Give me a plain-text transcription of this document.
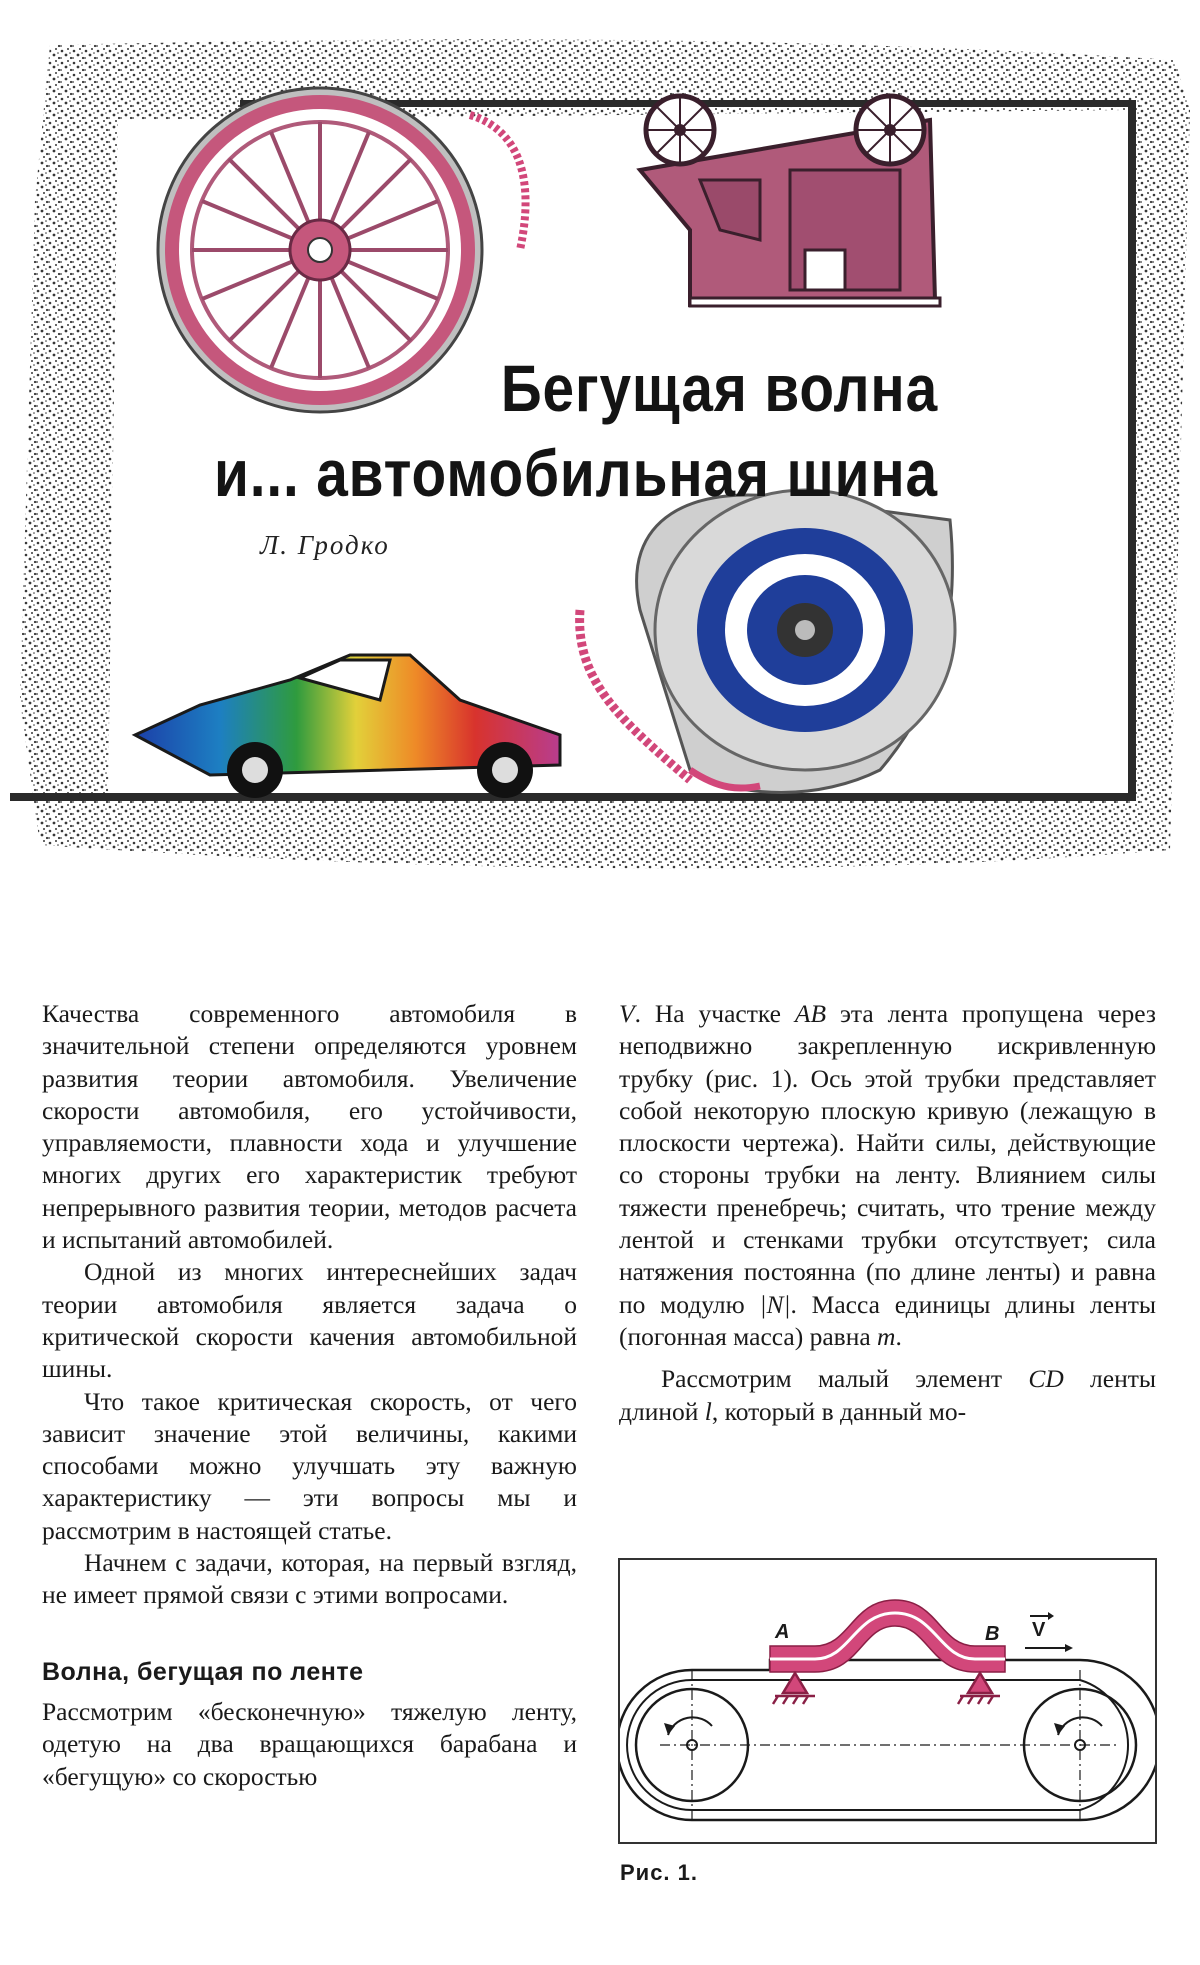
Бегущая волна
и... автомобильная шина
Л. Гродко

Качества современного автомобиля в значительной степени определяются уровнем развития теории автомобиля. Увеличение скорости автомобиля, его устойчивости, управляемости, плавности хода и улучшение многих других его характеристик требуют непрерывного развития теории, методов расчета и испытаний автомобилей.

Одной из многих интереснейших задач теории автомобиля является задача о критической скорости качения автомобильной шины.

Что такое критическая скорость, от чего зависит значение этой величины, какими способами можно улучшать эту важную характеристику — эти вопросы мы и рассмотрим в настоящей статье.

Начнем с задачи, которая, на первый взгляд, не имеет прямой связи с этими вопросами.

Волна, бегущая по ленте

Рассмотрим «бесконечную» тяжелую ленту, одетую на два вращающихся барабана и «бегущую» со скоростью

V. На участке AB эта лента пропущена через неподвижно закрепленную искривленную трубку (рис. 1). Ось этой трубки представляет собой некоторую плоскую кривую (лежащую в плоскости чертежа). Найти силы, действующие со стороны трубки на ленту. Влиянием силы тяжести пренебречь; считать, что трение между лентой и стенками трубки отсутствует; сила натяжения постоянна (по длине ленты) и равна по модулю |N|. Масса единицы длины ленты (погонная масса) равна m.

Рассмотрим малый элемент CD ленты длиной l, который в данный мо-

A	B V
Рис. 1.
